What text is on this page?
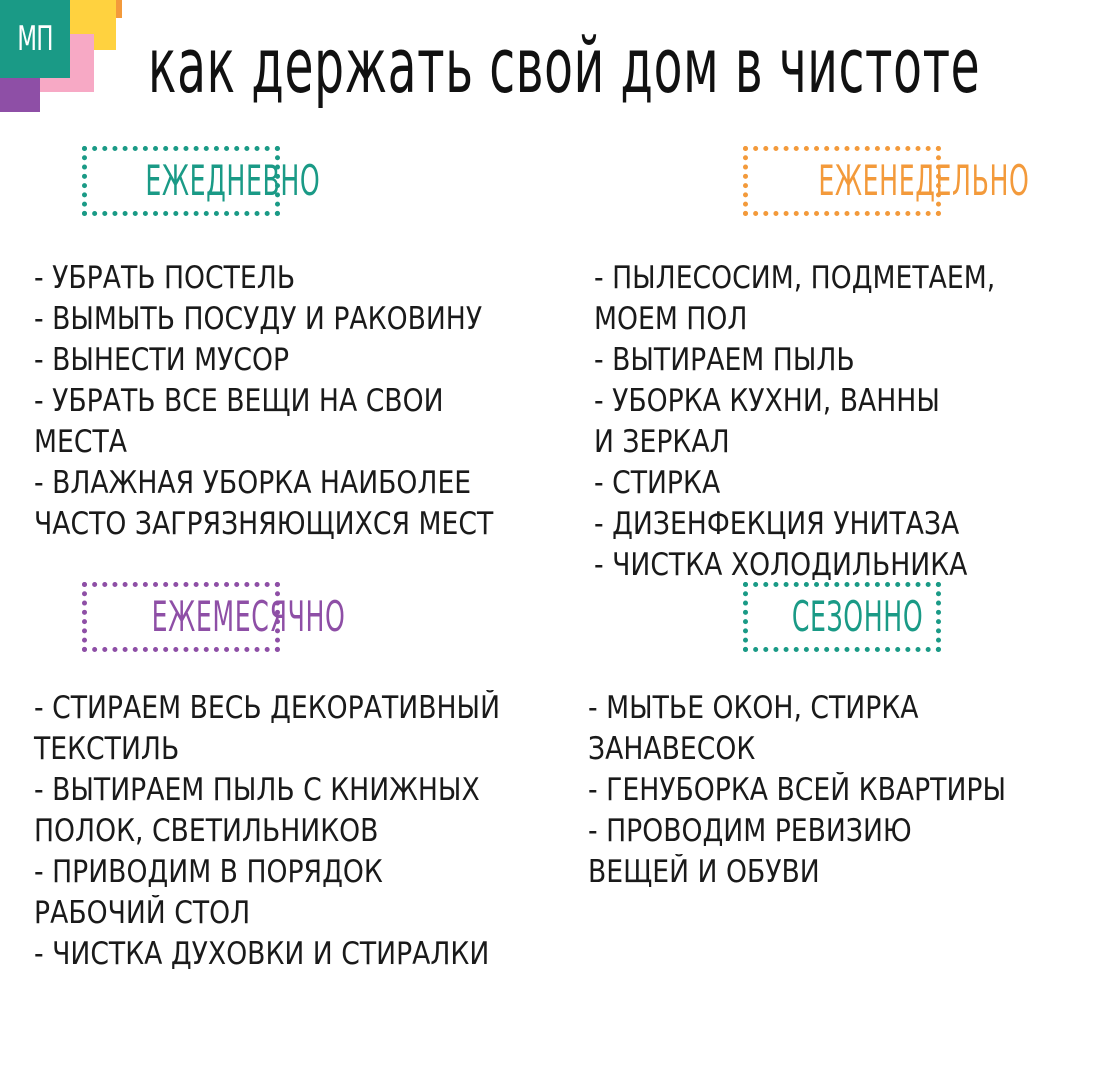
МП как держать свой дом в чистоте
ЕЖЕДНЕВНО	ЕЖЕНЕДЕЛЬНО
ЕЖЕМЕСЯЧНО	СЕЗОННО
- УБРАТЬ ПОСТЕЛЬ
- ВЫМЫТЬ ПОСУДУ И РАКОВИНУ
- ВЫНЕСТИ МУСОР
- УБРАТЬ ВСЕ ВЕЩИ НА СВОИ
МЕСТА
- ВЛАЖНАЯ УБОРКА НАИБОЛЕЕ
ЧАСТО ЗАГРЯЗНЯЮЩИХСЯ МЕСТ
- ПЫЛЕСОСИМ, ПОДМЕТАЕМ,
МОЕМ ПОЛ
- ВЫТИРАЕМ ПЫЛЬ
- УБОРКА КУХНИ, ВАННЫ
И ЗЕРКАЛ
- СТИРКА
- ДИЗЕНФЕКЦИЯ УНИТАЗА
- ЧИСТКА ХОЛОДИЛЬНИКА
- СТИРАЕМ ВЕСЬ ДЕКОРАТИВНЫЙ
ТЕКСТИЛЬ
- ВЫТИРАЕМ ПЫЛЬ С КНИЖНЫХ
ПОЛОК, СВЕТИЛЬНИКОВ
- ПРИВОДИМ В ПОРЯДОК
РАБОЧИЙ СТОЛ
- ЧИСТКА ДУХОВКИ И СТИРАЛКИ
- МЫТЬЕ ОКОН, СТИРКА
ЗАНАВЕСОК
- ГЕНУБОРКА ВСЕЙ КВАРТИРЫ
- ПРОВОДИМ РЕВИЗИЮ
ВЕЩЕЙ И ОБУВИ
